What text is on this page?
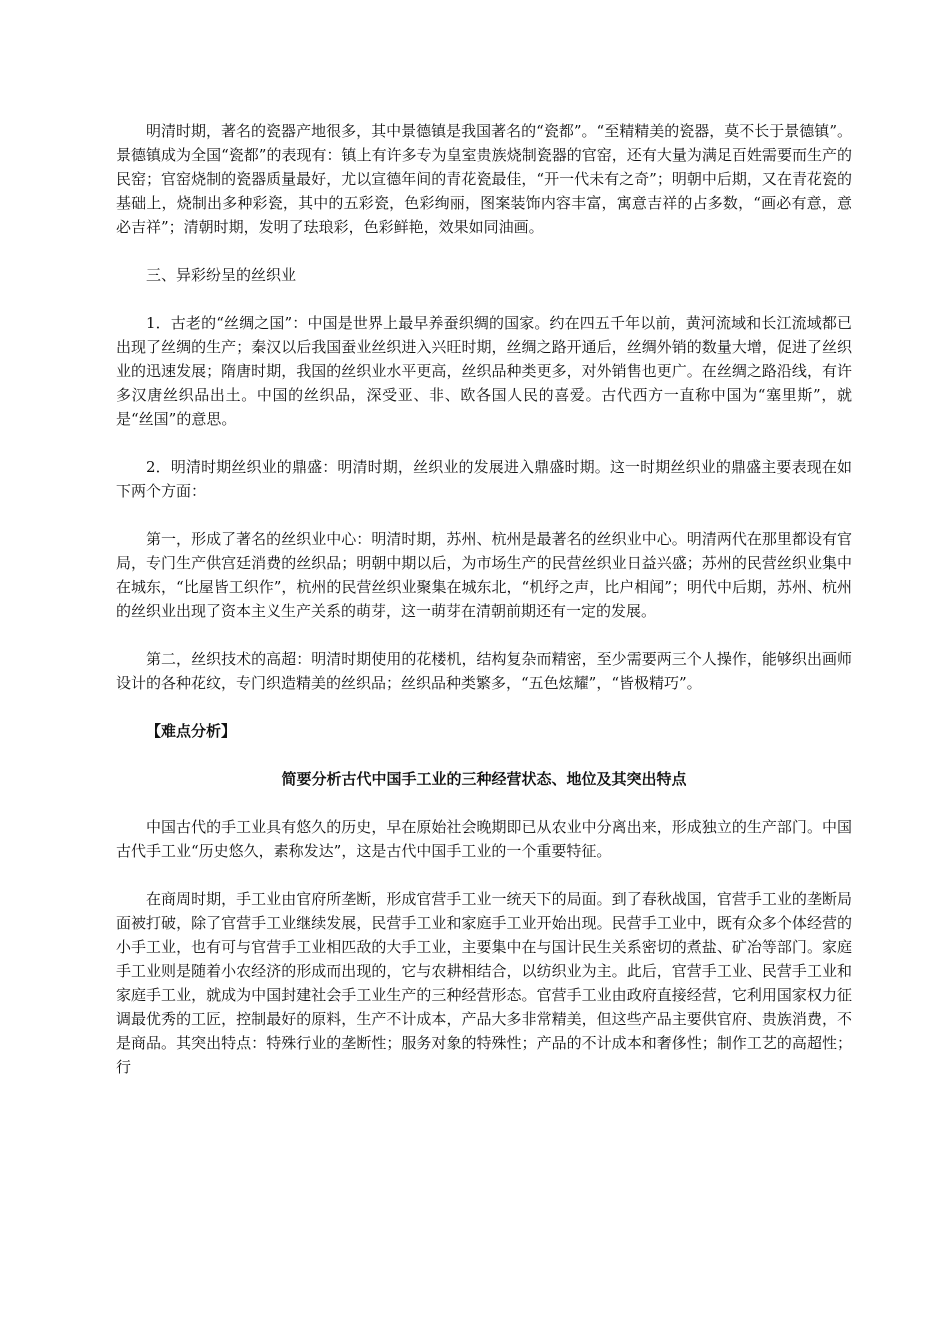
明清时期，著名的瓷器产地很多，其中景德镇是我国著名的“瓷都”。“至精精美的瓷器，莫不长于景德镇”。景德镇成为全国“瓷都”的表现有：镇上有许多专为皇室贵族烧制瓷器的官窑，还有大量为满足百姓需要而生产的民窑；官窑烧制的瓷器质量最好，尤以宣德年间的青花瓷最佳，“开一代未有之奇”；明朝中后期，又在青花瓷的基础上，烧制出多种彩瓷，其中的五彩瓷，色彩绚丽，图案装饰内容丰富，寓意吉祥的占多数，“画必有意，意必吉祥”；清朝时期，发明了珐琅彩，色彩鲜艳，效果如同油画。

三、异彩纷呈的丝织业

1．古老的“丝绸之国”：中国是世界上最早养蚕织绸的国家。约在四五千年以前，黄河流域和长江流域都已出现了丝绸的生产；秦汉以后我国蚕业丝织进入兴旺时期，丝绸之路开通后，丝绸外销的数量大增，促进了丝织业的迅速发展；隋唐时期，我国的丝织业水平更高，丝织品种类更多，对外销售也更广。在丝绸之路沿线，有许多汉唐丝织品出土。中国的丝织品，深受亚、非、欧各国人民的喜爱。古代西方一直称中国为“塞里斯”，就是“丝国”的意思。

2．明清时期丝织业的鼎盛：明清时期，丝织业的发展进入鼎盛时期。这一时期丝织业的鼎盛主要表现在如下两个方面：

第一，形成了著名的丝织业中心：明清时期，苏州、杭州是最著名的丝织业中心。明清两代在那里都设有官局，专门生产供宫廷消费的丝织品；明朝中期以后，为市场生产的民营丝织业日益兴盛；苏州的民营丝织业集中在城东，“比屋皆工织作”，杭州的民营丝织业聚集在城东北，“机纾之声，比户相闻”；明代中后期，苏州、杭州的丝织业出现了资本主义生产关系的萌芽，这一萌芽在清朝前期还有一定的发展。

第二，丝织技术的高超：明清时期使用的花楼机，结构复杂而精密，至少需要两三个人操作，能够织出画师设计的各种花纹，专门织造精美的丝织品；丝织品种类繁多，“五色炫耀”，“皆极精巧”。

【难点分析】
简要分析古代中国手工业的三种经营状态、地位及其突出特点

中国古代的手工业具有悠久的历史，早在原始社会晚期即已从农业中分离出来，形成独立的生产部门。中国古代手工业“历史悠久，素称发达”，这是古代中国手工业的一个重要特征。

在商周时期，手工业由官府所垄断，形成官营手工业一统天下的局面。到了春秋战国，官营手工业的垄断局面被打破，除了官营手工业继续发展，民营手工业和家庭手工业开始出现。民营手工业中，既有众多个体经营的小手工业，也有可与官营手工业相匹敌的大手工业，主要集中在与国计民生关系密切的煮盐、矿冶等部门。家庭手工业则是随着小农经济的形成而出现的，它与农耕相结合，以纺织业为主。此后，官营手工业、民营手工业和家庭手工业，就成为中国封建社会手工业生产的三种经营形态。官营手工业由政府直接经营，它利用国家权力征调最优秀的工匠，控制最好的原料，生产不计成本，产品大多非常精美，但这些产品主要供官府、贵族消费，不是商品。其突出特点：特殊行业的垄断性；服务对象的特殊性；产品的不计成本和奢侈性；制作工艺的高超性；行
